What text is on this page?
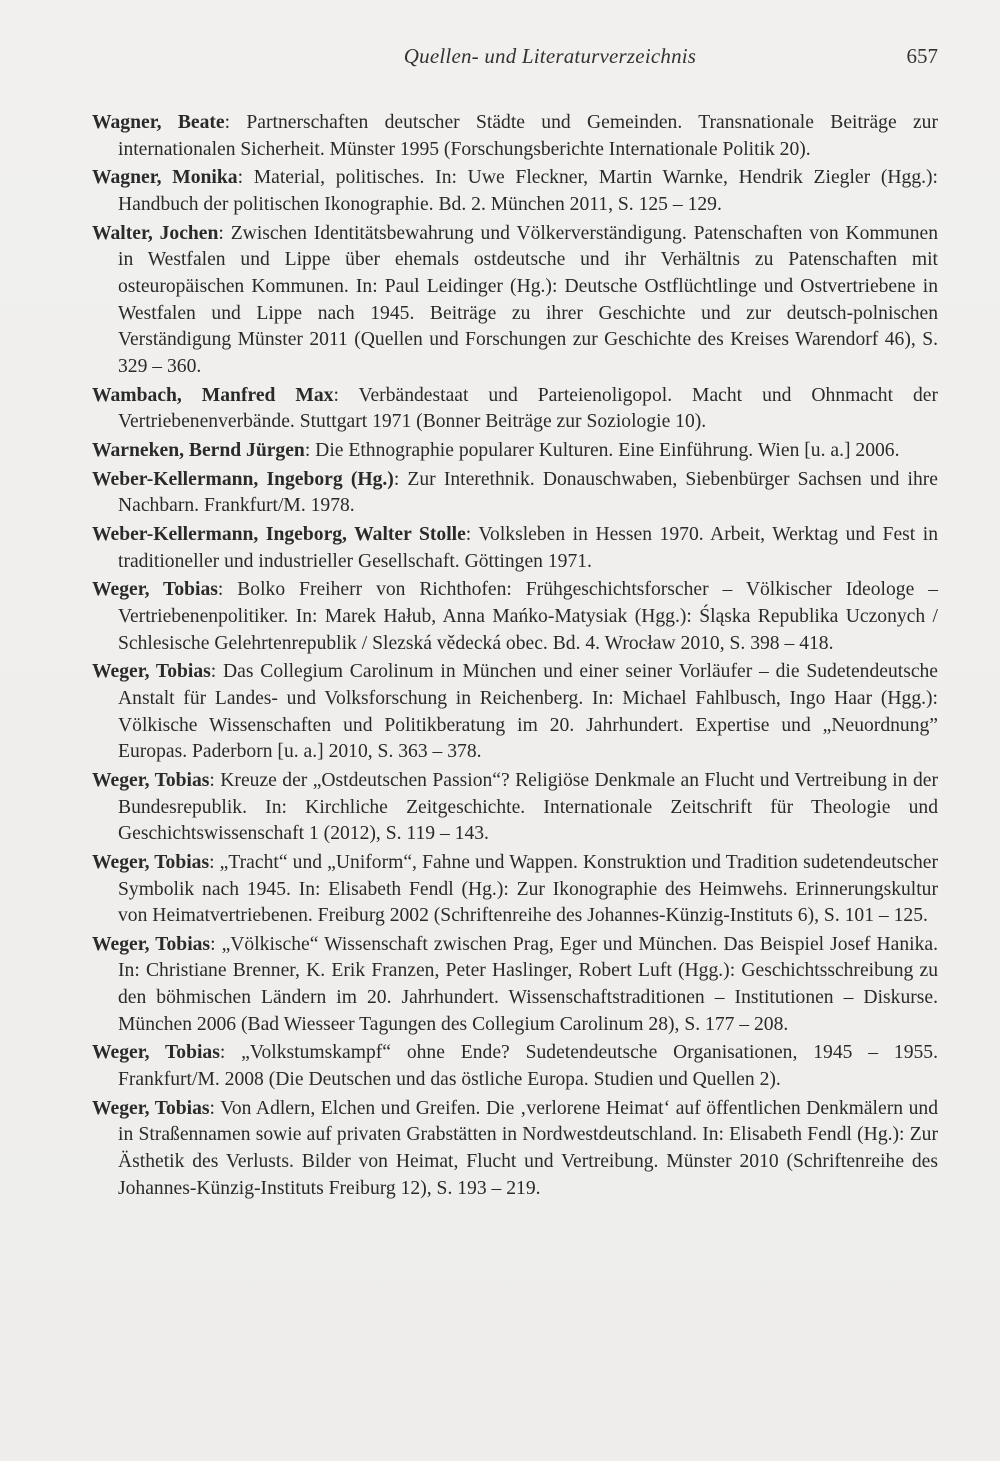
Quellen- und Literaturverzeichnis	657
Wagner, Beate: Partnerschaften deutscher Städte und Gemeinden. Transnationale Beiträge zur internationalen Sicherheit. Münster 1995 (Forschungsberichte Internationale Politik 20).
Wagner, Monika: Material, politisches. In: Uwe Fleckner, Martin Warnke, Hendrik Ziegler (Hgg.): Handbuch der politischen Ikonographie. Bd. 2. München 2011, S. 125 – 129.
Walter, Jochen: Zwischen Identitätsbewahrung und Völkerverständigung. Patenschaften von Kommunen in Westfalen und Lippe über ehemals ostdeutsche und ihr Verhältnis zu Patenschaften mit osteuropäischen Kommunen. In: Paul Leidinger (Hg.): Deutsche Ostflüchtlinge und Ostvertriebene in Westfalen und Lippe nach 1945. Beiträge zu ihrer Geschichte und zur deutsch-polnischen Verständigung Münster 2011 (Quellen und Forschungen zur Geschichte des Kreises Warendorf 46), S. 329 – 360.
Wambach, Manfred Max: Verbändestaat und Parteienoligopol. Macht und Ohnmacht der Vertriebenenverbände. Stuttgart 1971 (Bonner Beiträge zur Soziologie 10).
Warneken, Bernd Jürgen: Die Ethnographie popularer Kulturen. Eine Einführung. Wien [u. a.] 2006.
Weber-Kellermann, Ingeborg (Hg.): Zur Interethnik. Donauschwaben, Siebenbürger Sachsen und ihre Nachbarn. Frankfurt/M. 1978.
Weber-Kellermann, Ingeborg, Walter Stolle: Volksleben in Hessen 1970. Arbeit, Werktag und Fest in traditioneller und industrieller Gesellschaft. Göttingen 1971.
Weger, Tobias: Bolko Freiherr von Richthofen: Frühgeschichtsforscher – Völkischer Ideologe – Vertriebenenpolitiker. In: Marek Hałub, Anna Mańko-Matysiak (Hgg.): Śląska Republika Uczonych / Schlesische Gelehrtenrepublik / Slezská vědecká obec. Bd. 4. Wrocław 2010, S. 398 – 418.
Weger, Tobias: Das Collegium Carolinum in München und einer seiner Vorläufer – die Sudetendeutsche Anstalt für Landes- und Volksforschung in Reichenberg. In: Michael Fahlbusch, Ingo Haar (Hgg.): Völkische Wissenschaften und Politikberatung im 20. Jahrhundert. Expertise und „Neuordnung” Europas. Paderborn [u. a.] 2010, S. 363 – 378.
Weger, Tobias: Kreuze der „Ostdeutschen Passion“? Religiöse Denkmale an Flucht und Vertreibung in der Bundesrepublik. In: Kirchliche Zeitgeschichte. Internationale Zeitschrift für Theologie und Geschichtswissenschaft 1 (2012), S. 119 – 143.
Weger, Tobias: „Tracht“ und „Uniform“, Fahne und Wappen. Konstruktion und Tradition sudetendeutscher Symbolik nach 1945. In: Elisabeth Fendl (Hg.): Zur Ikonographie des Heimwehs. Erinnerungskultur von Heimatvertriebenen. Freiburg 2002 (Schriftenreihe des Johannes-Künzig-Instituts 6), S. 101 – 125.
Weger, Tobias: „Völkische“ Wissenschaft zwischen Prag, Eger und München. Das Beispiel Josef Hanika. In: Christiane Brenner, K. Erik Franzen, Peter Haslinger, Robert Luft (Hgg.): Geschichtsschreibung zu den böhmischen Ländern im 20. Jahrhundert. Wissenschaftstraditionen – Institutionen – Diskurse. München 2006 (Bad Wiesseer Tagungen des Collegium Carolinum 28), S. 177 – 208.
Weger, Tobias: „Volkstumskampf“ ohne Ende? Sudetendeutsche Organisationen, 1945 – 1955. Frankfurt/M. 2008 (Die Deutschen und das östliche Europa. Studien und Quellen 2).
Weger, Tobias: Von Adlern, Elchen und Greifen. Die ‚verlorene Heimat‘ auf öffentlichen Denkmälern und in Straßennamen sowie auf privaten Grabstätten in Nordwestdeutschland. In: Elisabeth Fendl (Hg.): Zur Ästhetik des Verlusts. Bilder von Heimat, Flucht und Vertreibung. Münster 2010 (Schriftenreihe des Johannes-Künzig-Instituts Freiburg 12), S. 193 – 219.
